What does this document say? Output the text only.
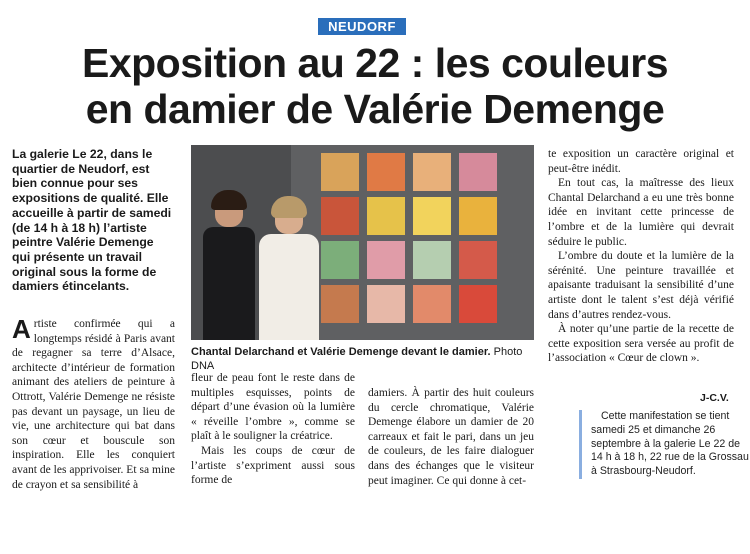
NEUDORF
Exposition au 22 : les couleurs
en damier de Valérie Demenge
La galerie Le 22, dans le quartier de Neudorf, est bien connue pour ses expositions de qualité. Elle accueille à partir de samedi (de 14 h à 18 h) l’artiste peintre Valérie Demenge qui présente un travail original sous la forme de damiers étincelants.
Artiste confirmée qui a longtemps résidé à Paris avant de regagner sa terre d’Alsace, architecte d’intérieur de formation animant des ateliers de peinture à Ottrott, Valérie Demenge ne résiste pas devant un paysage, un lieu de vie, une architecture qui bat dans son cœur et bouscule son inspiration. Elle les conquiert avant de les apprivoiser. Et sa mine de crayon et sa sensibilité à
Chantal Delarchand et Valérie Demenge devant le damier. Photo DNA

fleur de peau font le reste dans de multiples esquisses, points de départ d’une évasion où la lumière « réveille l’ombre », comme se plaît à le souligner la créatrice.

Mais les coups de cœur de l’artiste s’expriment aussi sous forme de

damiers. À partir des huit couleurs du cercle chromatique, Valérie Demenge élabore un damier de 20 carreaux et fait le pari, dans un jeu de couleurs, de les faire dialoguer dans des échanges que le visiteur peut imaginer. Ce qui donne à cet-

te exposition un caractère original et peut-être inédit.

En tout cas, la maîtresse des lieux Chantal Delarchand a eu une très bonne idée en invitant cette princesse de l’ombre et de la lumière qui devrait séduire le public.

L’ombre du doute et la lumière de la sérénité. Une peinture travaillée et apaisante traduisant la sensibilité d’une artiste dont le talent s’est déjà vérifié dans d’autres rendez-vous.

À noter qu’une partie de la recette de cette exposition sera versée au profit de l’association « Cœur de clown ».

J-C.V.

Cette manifestation se tient samedi 25 et dimanche 26 septembre à la galerie Le 22 de 14 h à 18 h, 22 rue de la Grossau à Strasbourg-Neudorf.
